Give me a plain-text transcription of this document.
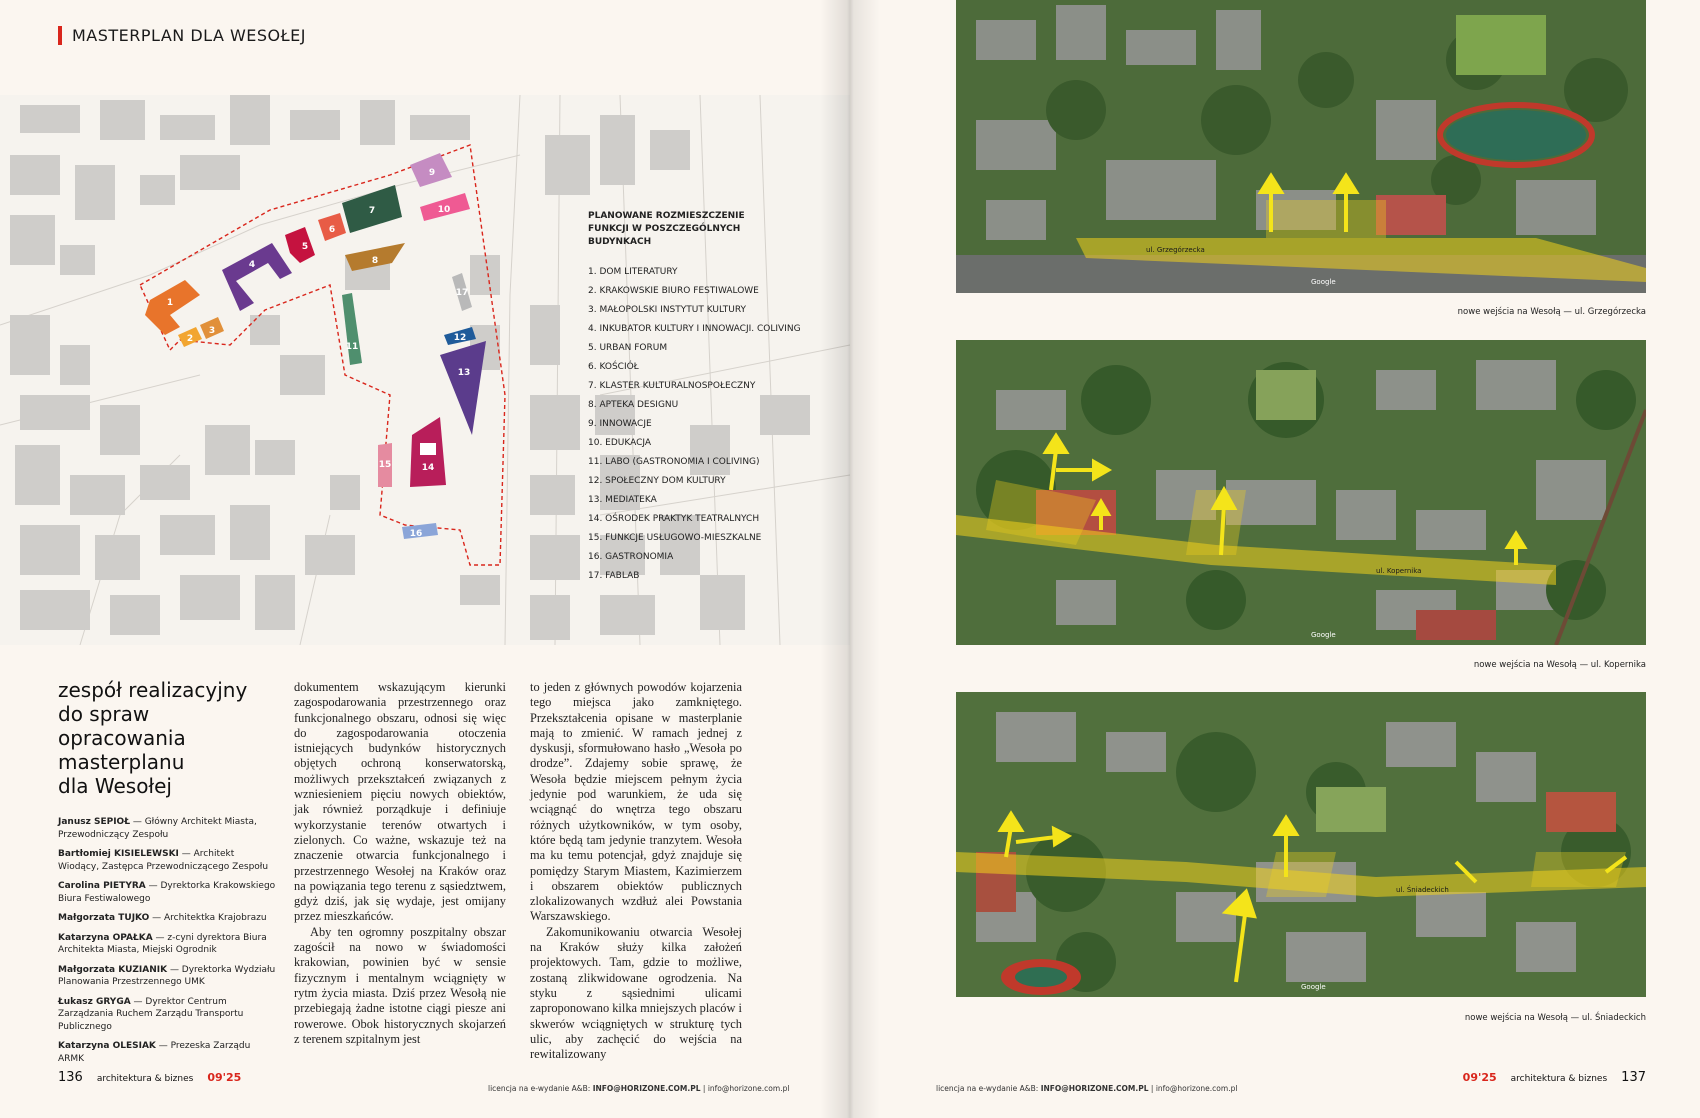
MASTERPLAN DLA WESOŁEJ
1
2
3
4
5
6
7
8
9
10
11
12
13
14
15
16
17
PLANOWANE ROZMIESZCZENIE
FUNKCJI W POSZCZEGÓLNYCH
BUDYNKACH
1. DOM LITERATURY
2. KRAKOWSKIE BIURO FESTIWALOWE
3. MAŁOPOLSKI INSTYTUT KULTURY
4. INKUBATOR KULTURY I INNOWACJI. COLIVING
5. URBAN FORUM
6. KOŚCIÓŁ
7. KLASTER KULTURALNOSPOŁECZNY
8. APTEKA DESIGNU
9. INNOWACJE
10. EDUKACJA
11. LABO (GASTRONOMIA I COLIVING)
12. SPOŁECZNY DOM KULTURY
13. MEDIATEKA
14. OŚRODEK PRAKTYK TEATRALNYCH
15. FUNKCJE USŁUGOWO-MIESZKALNE
16. GASTRONOMIA
17. FABLAB
zespół realizacyjny
do spraw opracowania
masterplanu
dla Wesołej
Janusz SEPIOŁ — Główny Architekt Miasta, Przewodniczący Zespołu
Bartłomiej KISIELEWSKI — Architekt Wiodący, Zastępca Przewodniczącego Zespołu
Carolina PIETYRA — Dyrektorka Krakowskiego Biura Festiwalowego
Małgorzata TUJKO — Architektka Krajobrazu
Katarzyna OPAŁKA — z-cyni dyrektora Biura Architekta Miasta, Miejski Ogrodnik
Małgorzata KUZIANIK — Dyrektorka Wydziału Planowania Przestrzennego UMK
Łukasz GRYGA — Dyrektor Centrum Zarządzania Ruchem Zarządu Transportu Publicznego
Katarzyna OLESIAK — Prezeska Zarządu ARMK

dokumentem wskazującym kierunki zagospodarowania przestrzennego oraz funkcjonalnego obszaru, odnosi się więc do zagospodarowania otoczenia istniejących budynków historycznych objętych ochroną konserwatorską, możliwych przekształceń związanych z wzniesieniem pięciu nowych obiektów, jak również porządkuje i definiuje wykorzystanie terenów otwartych i zielonych. Co ważne, wskazuje też na znaczenie otwarcia funkcjonalnego i przestrzennego Wesołej na Kraków oraz na powiązania tego terenu z sąsiedztwem, gdyż dziś, jak się wydaje, jest omijany przez mieszkańców.

Aby ten ogromny poszpitalny obszar zagościł na nowo w świadomości krakowian, powinien być w sensie fizycznym i mentalnym wciągnięty w rytm życia miasta. Dziś przez Wesołą nie przebiegają żadne istotne ciągi piesze ani rowerowe. Obok historycznych skojarzeń z terenem szpitalnym jest

to jeden z głównych powodów kojarzenia tego miejsca jako zamkniętego. Przekształcenia opisane w masterplanie mają to zmienić. W ramach jednej z dyskusji, sformułowano hasło „Wesoła po drodze”. Zdajemy sobie sprawę, że Wesoła będzie miejscem pełnym życia jedynie pod warunkiem, że uda się wciągnąć do wnętrza tego obszaru różnych użytkowników, w tym osoby, które będą tam jedynie tranzytem. Wesoła ma ku temu potencjał, gdyż znajduje się pomiędzy Starym Miastem, Kazimierzem i obszarem obiektów publicznych zlokalizowanych wzdłuż alei Powstania Warszawskiego.

Zakomunikowaniu otwarcia Wesołej na Kraków służy kilka założeń projektowych. Tam, gdzie to możliwe, zostaną zlikwidowane ogrodzenia. Na styku z sąsiednimi ulicami zaproponowano kilka mniejszych placów i skwerów wciągniętych w strukturę tych ulic, aby zachęcić do wejścia na rewitalizowany

136 architektura & biznes 09'25
licencja na e-wydanie A&B: INFO@HORIZONE.COM.PL | info@horizone.com.pl
ul. Grzegórzecka
Google
nowe wejścia na Wesołą — ul. Grzegórzecka
ul. Kopernika
Google
nowe wejścia na Wesołą — ul. Kopernika
ul. Śniadeckich
Google
nowe wejścia na Wesołą — ul. Śniadeckich
licencja na e-wydanie A&B: INFO@HORIZONE.COM.PL | info@horizone.com.pl
09'25 architektura & biznes 137
